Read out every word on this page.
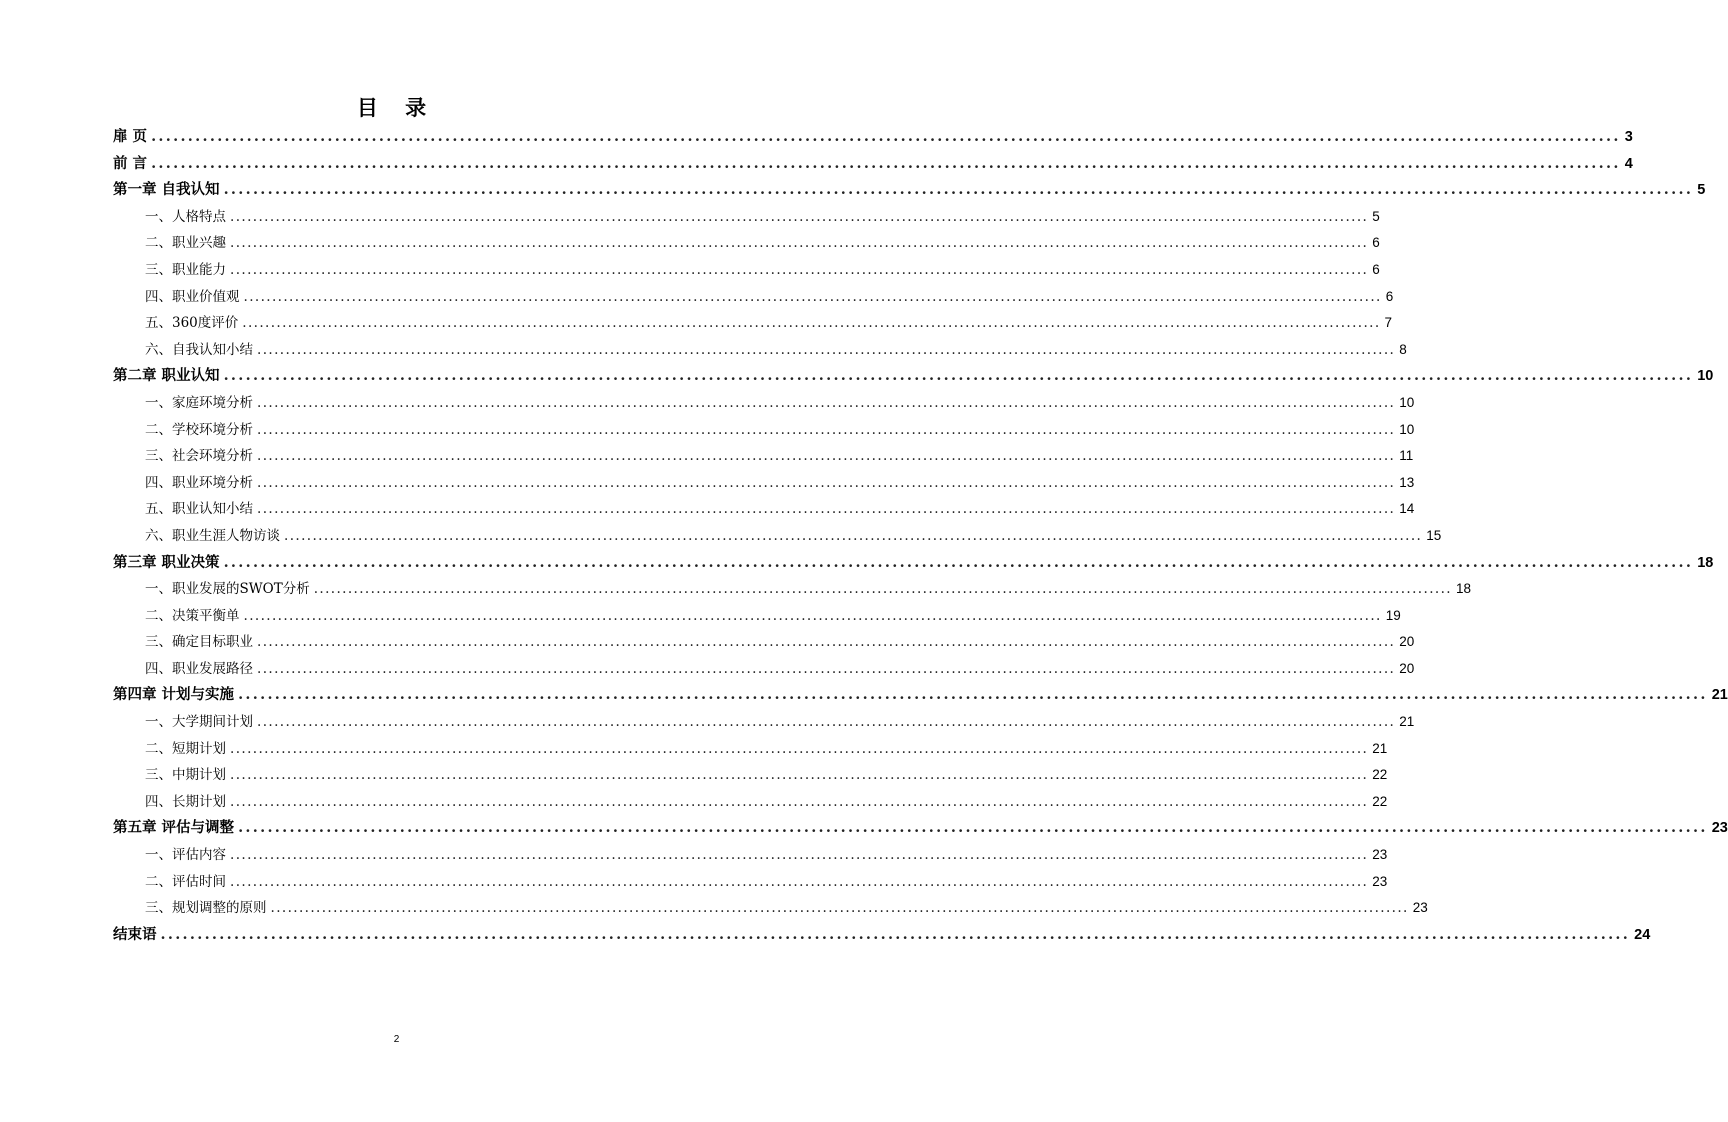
目 录
扉 页 ........................................................................................................................................................................................................ 3
前 言 ........................................................................................................................................................................................................ 4
第一章 自我认知 ........................................................................................................................................................................................................ 5
一、人格特点 ........................................................................................................................................................................................................ 5
二、职业兴趣 ........................................................................................................................................................................................................ 6
三、职业能力 ........................................................................................................................................................................................................ 6
四、职业价值观 ........................................................................................................................................................................................................ 6
五、360度评价 ........................................................................................................................................................................................................ 7
六、自我认知小结 ........................................................................................................................................................................................................ 8
第二章 职业认知 ........................................................................................................................................................................................................ 10
一、家庭环境分析 ........................................................................................................................................................................................................ 10
二、学校环境分析 ........................................................................................................................................................................................................ 10
三、社会环境分析 ........................................................................................................................................................................................................ 11
四、职业环境分析 ........................................................................................................................................................................................................ 13
五、职业认知小结 ........................................................................................................................................................................................................ 14
六、职业生涯人物访谈 ........................................................................................................................................................................................................ 15
第三章 职业决策 ........................................................................................................................................................................................................ 18
一、职业发展的SWOT分析 ........................................................................................................................................................................................................ 18
二、决策平衡单 ........................................................................................................................................................................................................ 19
三、确定目标职业 ........................................................................................................................................................................................................ 20
四、职业发展路径 ........................................................................................................................................................................................................ 20
第四章 计划与实施 ........................................................................................................................................................................................................ 21
一、大学期间计划 ........................................................................................................................................................................................................ 21
二、短期计划 ........................................................................................................................................................................................................ 21
三、中期计划 ........................................................................................................................................................................................................ 22
四、长期计划 ........................................................................................................................................................................................................ 22
第五章 评估与调整 ........................................................................................................................................................................................................ 23
一、评估内容 ........................................................................................................................................................................................................ 23
二、评估时间 ........................................................................................................................................................................................................ 23
三、规划调整的原则 ........................................................................................................................................................................................................ 23
结束语 ........................................................................................................................................................................................................ 24
2
